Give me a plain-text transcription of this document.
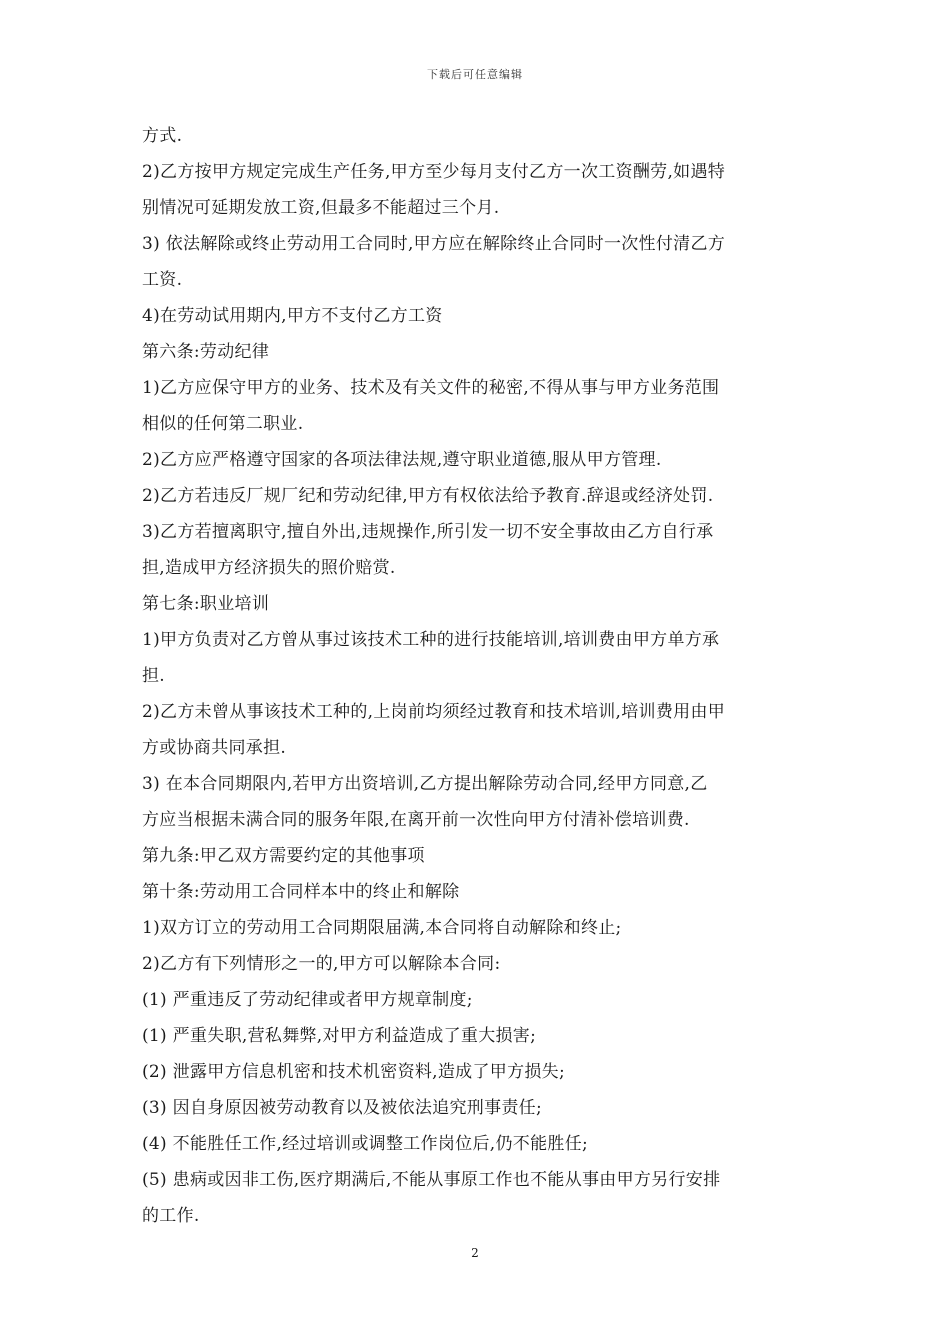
下载后可任意编辑
方式.
2)乙方按甲方规定完成生产任务,甲方至少每月支付乙方一次工资酬劳,如遇特
别情况可延期发放工资,但最多不能超过三个月.
3) 依法解除或终止劳动用工合同时,甲方应在解除终止合同时一次性付清乙方
工资.
4)在劳动试用期内,甲方不支付乙方工资
第六条:劳动纪律
1)乙方应保守甲方的业务、技术及有关文件的秘密,不得从事与甲方业务范围
相似的任何第二职业.
2)乙方应严格遵守国家的各项法律法规,遵守职业道德,服从甲方管理.
2)乙方若违反厂规厂纪和劳动纪律,甲方有权依法给予教育.辞退或经济处罚.
3)乙方若擅离职守,擅自外出,违规操作,所引发一切不安全事故由乙方自行承
担,造成甲方经济损失的照价赔赏.
第七条:职业培训
1)甲方负责对乙方曾从事过该技术工种的进行技能培训,培训费由甲方单方承
担.
2)乙方未曾从事该技术工种的,上岗前均须经过教育和技术培训,培训费用由甲
方或协商共同承担.
3) 在本合同期限内,若甲方出资培训,乙方提出解除劳动合同,经甲方同意,乙
方应当根据未满合同的服务年限,在离开前一次性向甲方付清补偿培训费.
第九条:甲乙双方需要约定的其他事项
第十条:劳动用工合同样本中的终止和解除
1)双方订立的劳动用工合同期限届满,本合同将自动解除和终止;
2)乙方有下列情形之一的,甲方可以解除本合同:
(1) 严重违反了劳动纪律或者甲方规章制度;
(1) 严重失职,营私舞弊,对甲方利益造成了重大损害;
(2) 泄露甲方信息机密和技术机密资料,造成了甲方损失;
(3) 因自身原因被劳动教育以及被依法追究刑事责任;
(4) 不能胜任工作,经过培训或调整工作岗位后,仍不能胜任;
(5) 患病或因非工伤,医疗期满后,不能从事原工作也不能从事由甲方另行安排
的工作.
2
